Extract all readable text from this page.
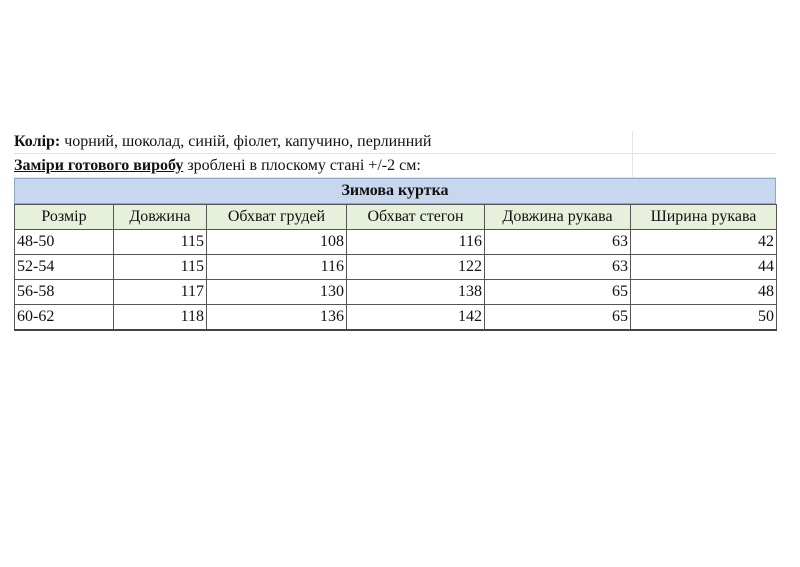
Колір: чорний, шоколад, синій, фіолет, капучино, перлинний
Заміри готового виробу зроблені в плоскому стані +/-2 см:
Зимова куртка
Розмір	Довжина	Обхват грудей	Обхват стегон	Довжина рукава	Ширина рукава
48-50	115	108	116	63	42
52-54	115	116	122	63	44
56-58	117	130	138	65	48
60-62	118	136	142	65	50
